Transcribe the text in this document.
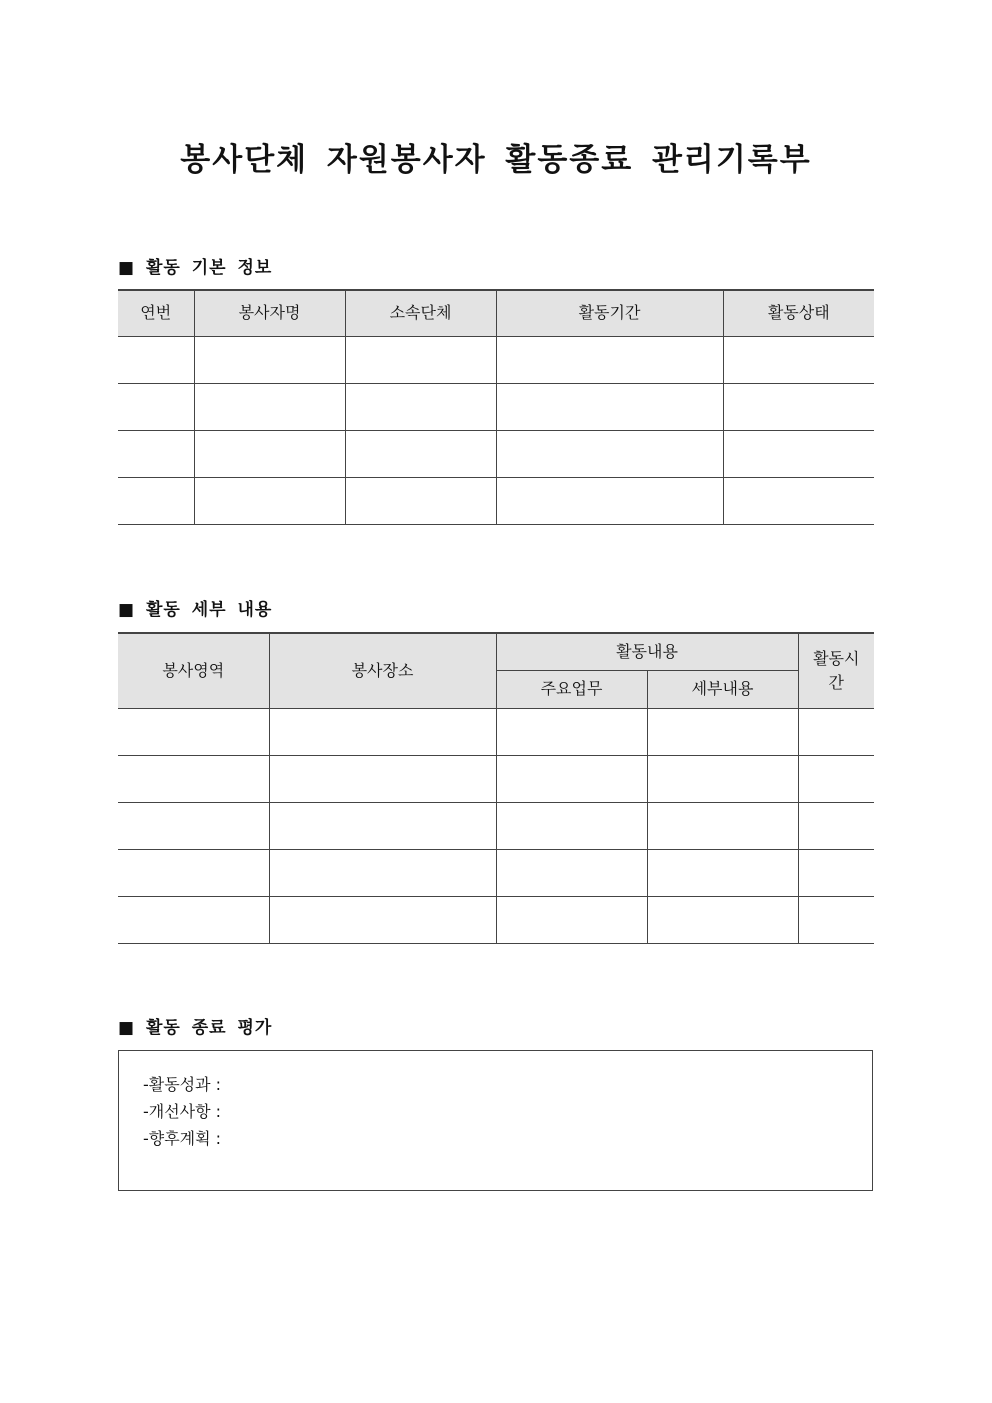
봉사단체 자원봉사자 활동종료 관리기록부
■ 활동 기본 정보
연번	봉사자명	소속단체	활동기간	활동상태

■ 활동 세부 내용
봉사영역	봉사장소	활동내용		활동시간
		주요업무	세부내용	

■ 활동 종료 평가
-활동성과 :
-개선사항 :
-향후계획 :
